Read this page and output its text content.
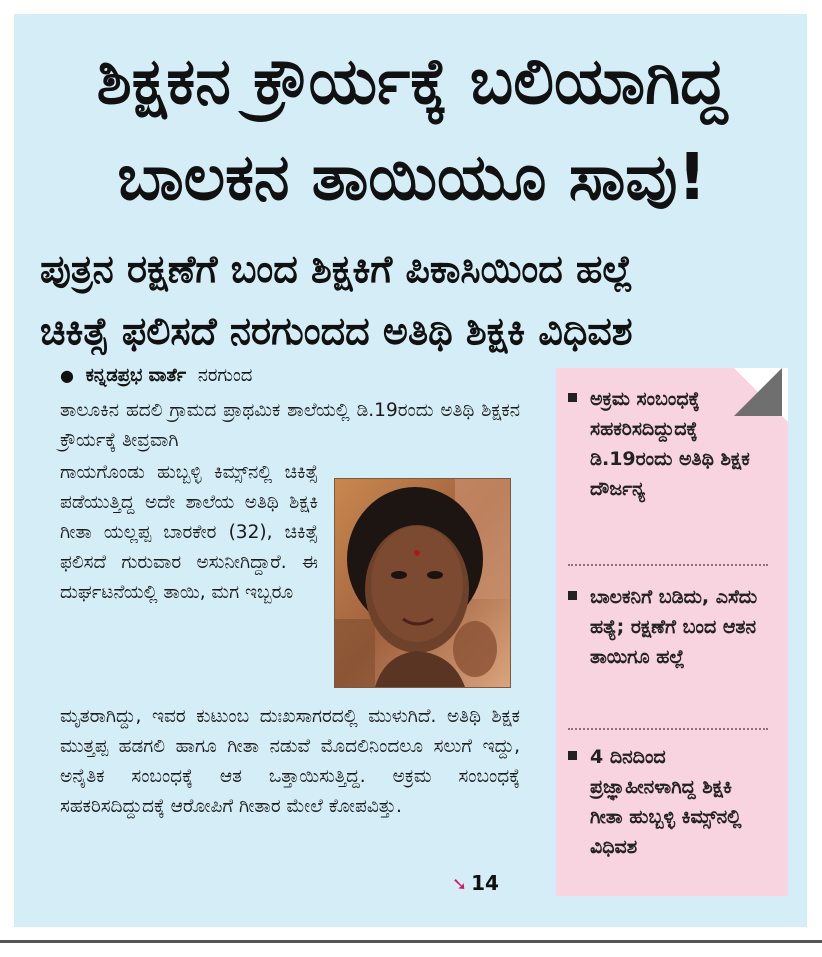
ಶಿಕ್ಷಕನ ಕ್ರೌರ್ಯಕ್ಕೆ ಬಲಿಯಾಗಿದ್ದ
ಬಾಲಕನ ತಾಯಿಯೂ ಸಾವು!
ಪುತ್ರನ ರಕ್ಷಣೆಗೆ ಬಂದ ಶಿಕ್ಷಕಿಗೆ ಪಿಕಾಸಿಯಿಂದ ಹಲ್ಲೆ
ಚಿಕಿತ್ಸೆ ಫಲಿಸದೆ ನರಗುಂದದ ಅತಿಥಿ ಶಿಕ್ಷಕಿ ವಿಧಿವಶ
● ಕನ್ನಡಪ್ರಭ ವಾರ್ತೆ ನರಗುಂದ
ತಾಲೂಕಿನ ಹದಲಿ ಗ್ರಾಮದ ಪ್ರಾಥಮಿಕ ಶಾಲೆಯಲ್ಲಿ ಡಿ.19ರಂದು ಅತಿಥಿ ಶಿಕ್ಷಕನ ಕ್ರೌರ್ಯಕ್ಕೆ ತೀವ್ರವಾಗಿ
ಗಾಯಗೊಂಡು ಹುಬ್ಬಳ್ಳಿ ಕಿಮ್ಸ್‌ನಲ್ಲಿ ಚಿಕಿತ್ಸೆ ಪಡೆಯುತ್ತಿದ್ದ ಅದೇ ಶಾಲೆಯ ಅತಿಥಿ ಶಿಕ್ಷಕಿ ಗೀತಾ ಯಲ್ಲಪ್ಪ ಬಾರಕೇರ (32), ಚಿಕಿತ್ಸೆ ಫಲಿಸದೆ ಗುರುವಾರ ಅಸುನೀಗಿದ್ದಾರೆ. ಈ ದುರ್ಘಟನೆಯಲ್ಲಿ ತಾಯಿ, ಮಗ ಇಬ್ಬರೂ
ಮೃತರಾಗಿದ್ದು, ಇವರ ಕುಟುಂಬ ದುಃಖಸಾಗರದಲ್ಲಿ ಮುಳುಗಿದೆ. ಅತಿಥಿ ಶಿಕ್ಷಕ ಮುತ್ತಪ್ಪ ಹಡಗಲಿ ಹಾಗೂ ಗೀತಾ ನಡುವೆ ಮೊದಲಿನಿಂದಲೂ ಸಲುಗೆ ಇದ್ದು, ಅನೈತಿಕ ಸಂಬಂಧಕ್ಕೆ ಆತ ಒತ್ತಾಯಿಸುತ್ತಿದ್ದ. ಅಕ್ರಮ ಸಂಬಂಧಕ್ಕೆ ಸಹಕರಿಸದಿದ್ದುದಕ್ಕೆ ಆರೋಪಿಗೆ ಗೀತಾರ ಮೇಲೆ ಕೋಪವಿತ್ತು.
➘ 14
ಅಕ್ರಮ ಸಂಬಂಧಕ್ಕೆ ಸಹಕರಿಸದಿದ್ದುದಕ್ಕೆ ಡಿ.19ರಂದು ಅತಿಥಿ ಶಿಕ್ಷಕ ದೌರ್ಜನ್ಯ
ಬಾಲಕನಿಗೆ ಬಡಿದು, ಎಸೆದು ಹತ್ಯೆ; ರಕ್ಷಣೆಗೆ ಬಂದ ಆತನ ತಾಯಿಗೂ ಹಲ್ಲೆ
4 ದಿನದಿಂದ ಪ್ರಜ್ಞಾಹೀನಳಾಗಿದ್ದ ಶಿಕ್ಷಕಿ ಗೀತಾ ಹುಬ್ಬಳ್ಳಿ ಕಿಮ್ಸ್‌ನಲ್ಲಿ ವಿಧಿವಶ
